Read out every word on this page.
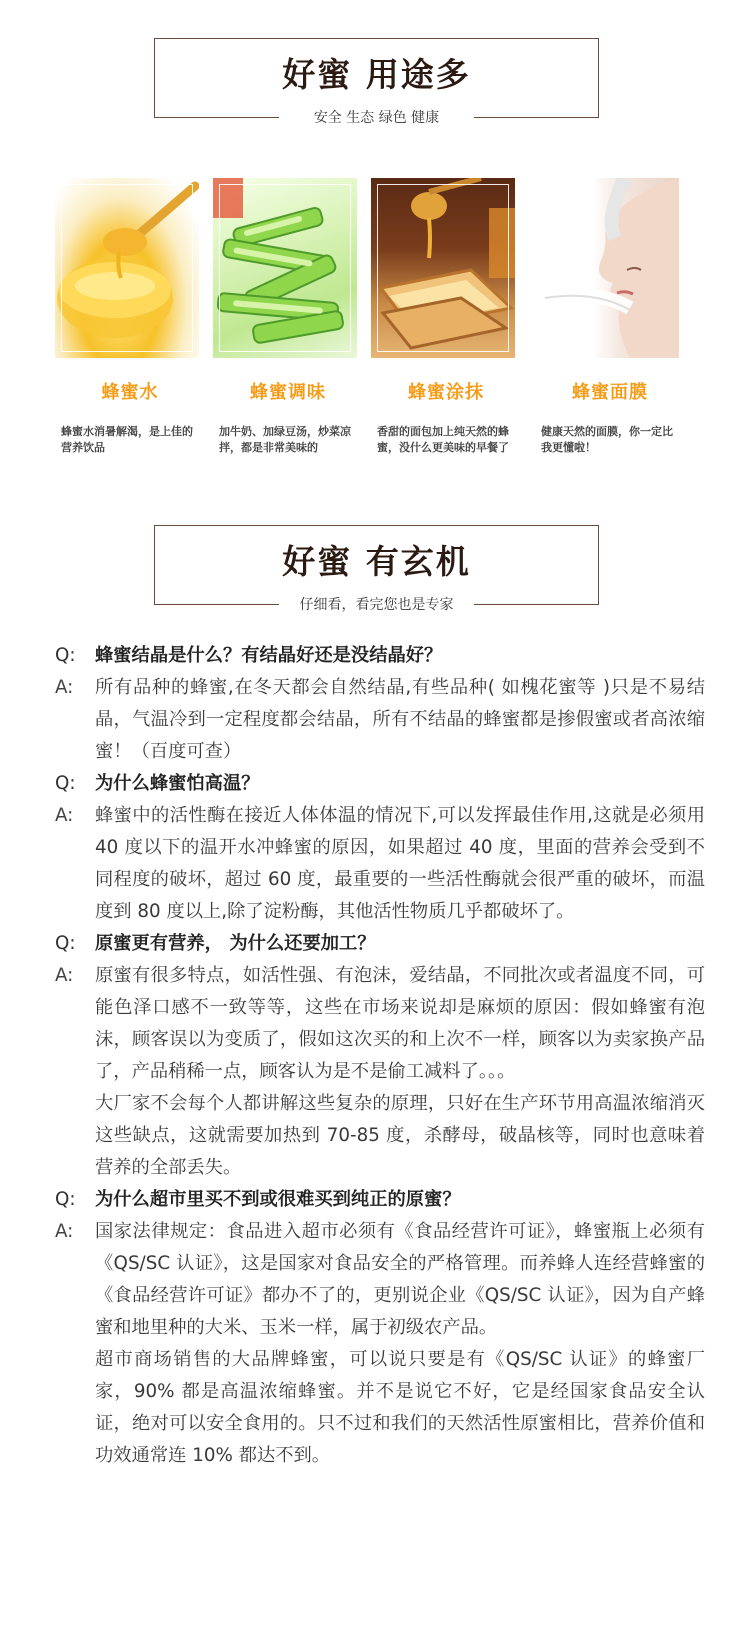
好蜜 用途多
安全 生态 绿色 健康
蜂蜜水
蜂蜜水消暑解渴，是上佳的营养饮品
蜂蜜调味
加牛奶、加绿豆汤，炒菜凉拌，都是非常美味的
蜂蜜涂抹
香甜的面包加上纯天然的蜂蜜，没什么更美味的早餐了
蜂蜜面膜
健康天然的面膜，你一定比我更懂啦！
好蜜 有玄机
仔细看，看完您也是专家
Q:	蜂蜜结晶是什么？有结晶好还是没结晶好？
A:	所有品种的蜂蜜,在冬天都会自然结晶,有些品种( 如槐花蜜等 )只是不易结晶，气温冷到一定程度都会结晶，所有不结晶的蜂蜜都是掺假蜜或者高浓缩蜜！（百度可查）
Q:	为什么蜂蜜怕高温？
A:	蜂蜜中的活性酶在接近人体体温的情况下,可以发挥最佳作用,这就是必须用 40 度以下的温开水冲蜂蜜的原因，如果超过 40 度，里面的营养会受到不同程度的破坏，超过 60 度，最重要的一些活性酶就会很严重的破坏，而温度到 80 度以上,除了淀粉酶，其他活性物质几乎都破坏了。
Q:	原蜜更有营养， 为什么还要加工？
A:	原蜜有很多特点，如活性强、有泡沫，爱结晶，不同批次或者温度不同，可能色泽口感不一致等等，这些在市场来说却是麻烦的原因：假如蜂蜜有泡沫，顾客误以为变质了，假如这次买的和上次不一样，顾客以为卖家换产品了，产品稍稀一点，顾客认为是不是偷工减料了。。。
大厂家不会每个人都讲解这些复杂的原理，只好在生产环节用高温浓缩消灭这些缺点，这就需要加热到 70-85 度，杀酵母，破晶核等，同时也意味着营养的全部丢失。
Q:	为什么超市里买不到或很难买到纯正的原蜜？
A:	国家法律规定：食品进入超市必须有《食品经营许可证》，蜂蜜瓶上必须有《QS/SC 认证》，这是国家对食品安全的严格管理。而养蜂人连经营蜂蜜的《食品经营许可证》都办不了的，更别说企业《QS/SC 认证》，因为自产蜂蜜和地里种的大米、玉米一样，属于初级农产品。
超市商场销售的大品牌蜂蜜，可以说只要是有《QS/SC 认证》的蜂蜜厂家，90% 都是高温浓缩蜂蜜。并不是说它不好，它是经国家食品安全认证，绝对可以安全食用的。只不过和我们的天然活性原蜜相比，营养价值和功效通常连 10% 都达不到。
